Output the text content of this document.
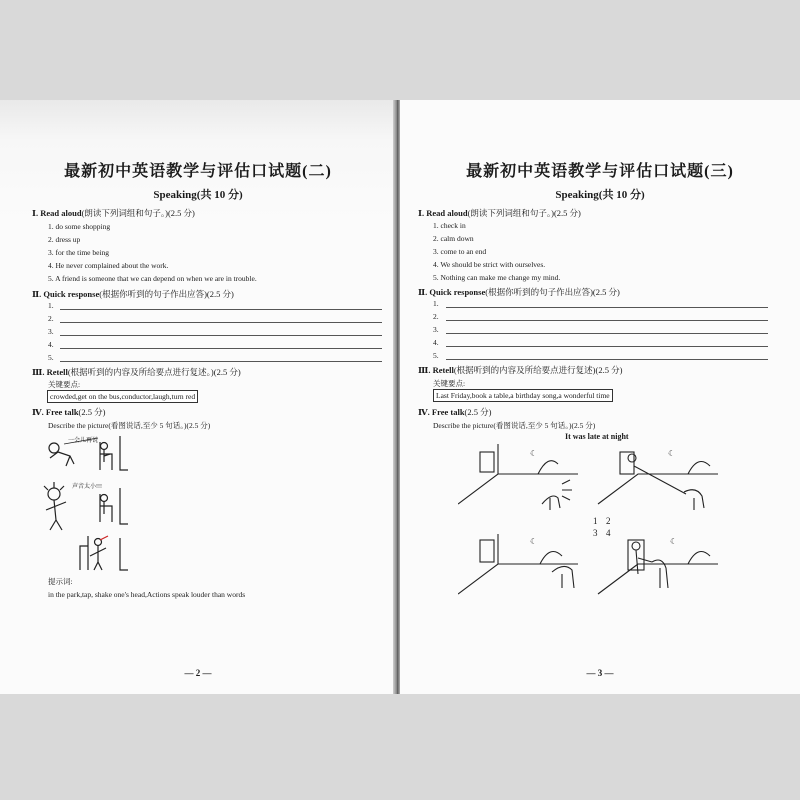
最新初中英语教学与评估口试题(二)
Speaking(共 10 分)
Ⅰ. Read aloud(朗读下列词组和句子。)(2.5 分)
1. do some shopping
2. dress up
3. for the time being
4. He never complained about the work.
5. A friend is someone that we can depend on when we are in trouble.
Ⅱ. Quick response(根据你听到的句子作出应答)(2.5 分)
1.
2.
3.
4.
5.
Ⅲ. Retell(根据听到的内容及所给要点进行复述。)(2.5 分)
关键要点:
crowded,get on the bus,conductor,laugh,turn red
Ⅳ. Free talk(2.5 分)
Describe the picture(看图说话,至少 5 句话。)(2.5 分)
一会儿再说
声音太小!!!
提示词:
in the park,tap, shake one's head,Actions speak louder than words
— 2 —
最新初中英语教学与评估口试题(三)
Speaking(共 10 分)
Ⅰ. Read aloud(朗读下列词组和句子。)(2.5 分)
1. check in
2. calm down
3. come to an end
4. We should be strict with ourselves.
5. Nothing can make me change my mind.
Ⅱ. Quick response(根据你听到的句子作出应答)(2.5 分)
1.
2.
3.
4.
5.
Ⅲ. Retell(根据听到的内容及所给要点进行复述)(2.5 分)
关键要点:
Last Friday,book a table,a birthday song,a wonderful time
Ⅳ. Free talk(2.5 分)
Describe the picture(看图说话,至少 5 句话。)(2.5 分)
It was late at night
☾	☾
☾	☾
1 2
3 4
— 3 —
